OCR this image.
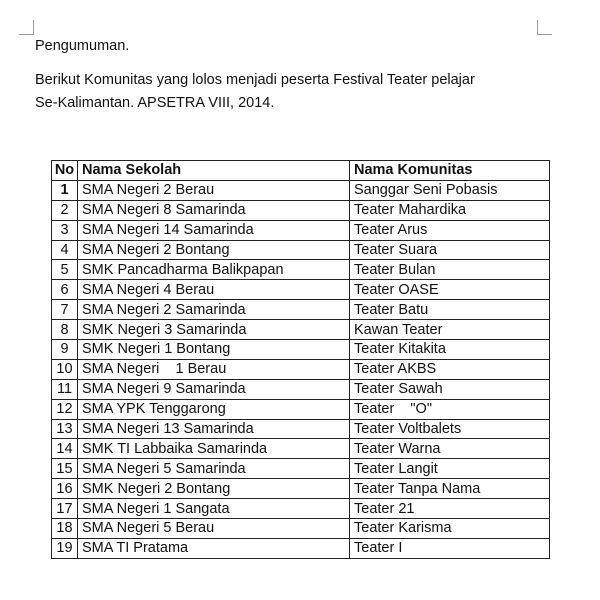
Pengumuman.

Berikut Komunitas yang lolos menjadi peserta Festival Teater pelajar
Se-Kalimantan. APSETRA VIII, 2014.

No	Nama Sekolah	Nama Komunitas
1	SMA Negeri 2 Berau	Sanggar Seni Pobasis
2	SMA Negeri 8 Samarinda	Teater Mahardika
3	SMA Negeri 14 Samarinda	Teater Arus
4	SMA Negeri 2 Bontang	Teater Suara
5	SMK Pancadharma Balikpapan	Teater Bulan
6	SMA Negeri 4 Berau	Teater OASE
7	SMA Negeri 2 Samarinda	Teater Batu
8	SMK Negeri 3 Samarinda	Kawan Teater
9	SMK Negeri 1 Bontang	Teater Kitakita
10	SMA Negeri    1 Berau	Teater AKBS
11	SMA Negeri 9 Samarinda	Teater Sawah
12	SMA YPK Tenggarong	Teater    "O"
13	SMA Negeri 13 Samarinda	Teater Voltbalets
14	SMK TI Labbaika Samarinda	Teater Warna
15	SMA Negeri 5 Samarinda	Teater Langit
16	SMK Negeri 2 Bontang	Teater Tanpa Nama
17	SMA Negeri 1 Sangata	Teater 21
18	SMA Negeri 5 Berau	Teater Karisma
19	SMA TI Pratama	Teater I
